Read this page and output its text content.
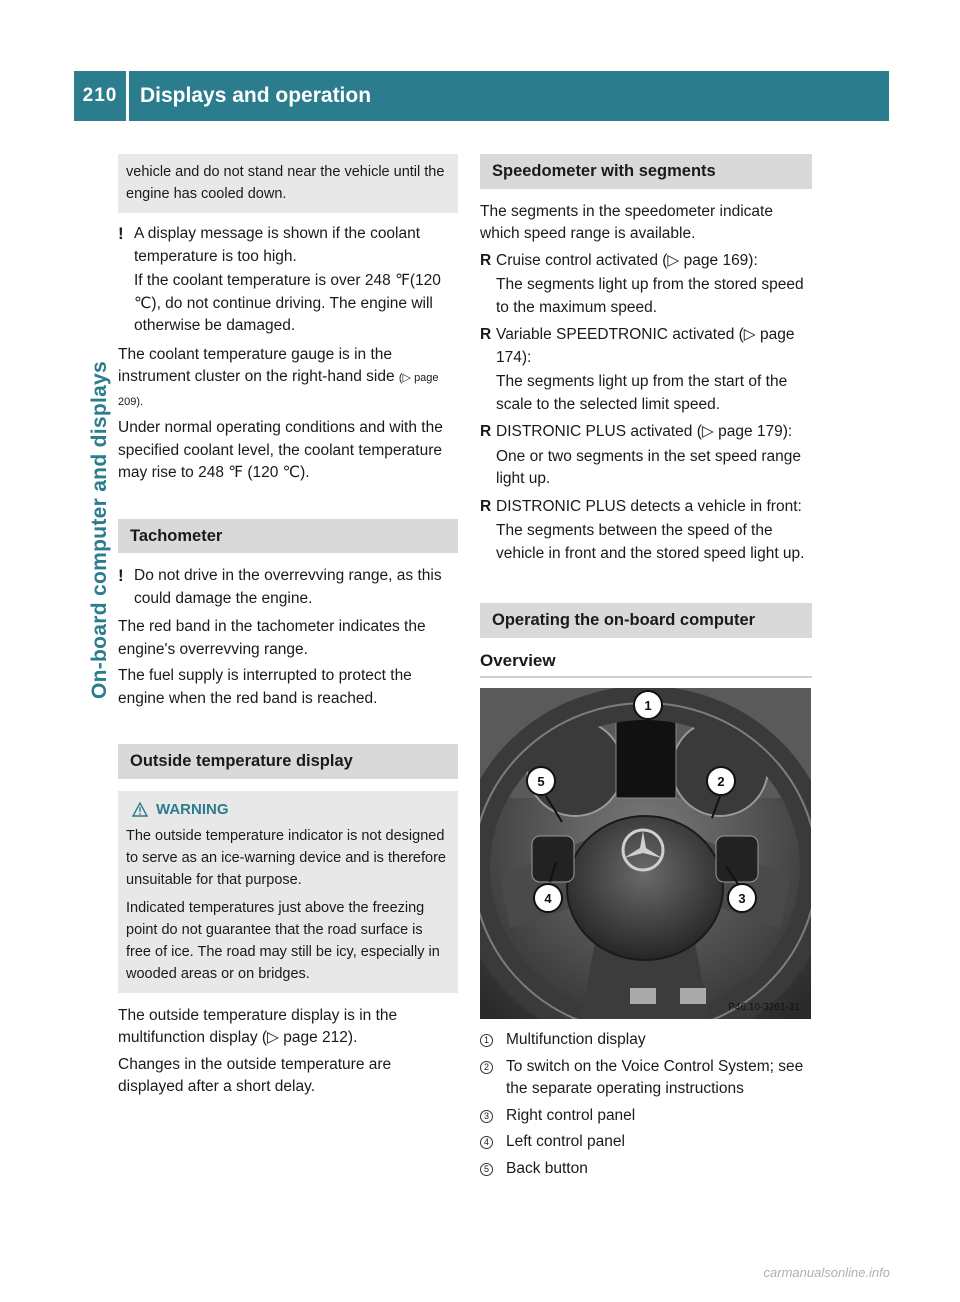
210	Displays and operation
On-board computer and displays
vehicle and do not stand near the vehicle until the engine has cooled down.
! A display message is shown if the coolant temperature is too high.

If the coolant temperature is over 248 ℉(120 ℃), do not continue driving. The engine will otherwise be damaged.

The coolant temperature gauge is in the instrument cluster on the right-hand side (▷ page 209).

Under normal operating conditions and with the specified coolant level, the coolant temperature may rise to 248 ℉ (120 ℃).

Tachometer
! Do not drive in the overrevving range, as this could damage the engine.

The red band in the tachometer indicates the engine's overrevving range.

The fuel supply is interrupted to protect the engine when the red band is reached.

Outside temperature display
WARNING

The outside temperature indicator is not designed to serve as an ice-warning device and is therefore unsuitable for that purpose.

Indicated temperatures just above the freezing point do not guarantee that the road surface is free of ice. The road may still be icy, especially in wooded areas or on bridges.

The outside temperature display is in the multifunction display (▷ page 212).

Changes in the outside temperature are displayed after a short delay.

Speedometer with segments

The segments in the speedometer indicate which speed range is available.

R Cruise control activated (▷ page 169):

The segments light up from the stored speed to the maximum speed.

R Variable SPEEDTRONIC activated (▷ page 174):

The segments light up from the start of the scale to the selected limit speed.

R DISTRONIC PLUS activated (▷ page 179):

One or two segments in the set speed range light up.

R DISTRONIC PLUS detects a vehicle in front:

The segments between the speed of the vehicle in front and the stored speed light up.

Operating the on-board computer
Overview
1
2
3
4
5
P46.10-3261-31
1	Multifunction display
2	To switch on the Voice Control System; see the separate operating instructions
3	Right control panel
4	Left control panel
5	Back button
carmanualsonline.info
